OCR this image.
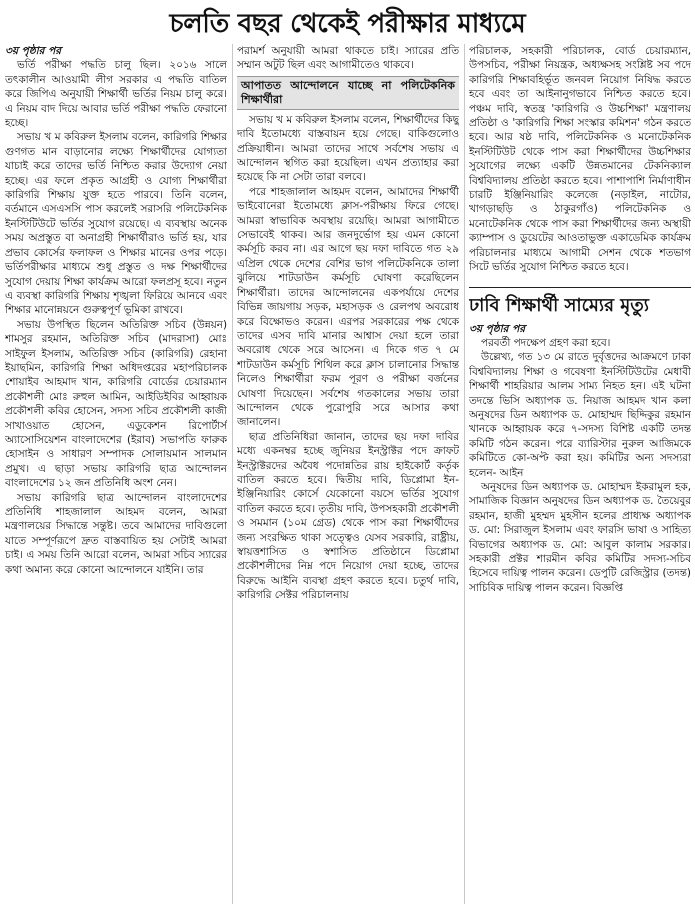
চলতি বছর থেকেই পরীক্ষার মাধ্যমে

৩য় পৃষ্ঠার পর

ভর্তি পরীক্ষা পদ্ধতি চালু ছিল। ২০১৬ সালে তৎকালীন আওয়ামী লীগ সরকার এ পদ্ধতি বাতিল করে জিপিএ অনুযায়ী শিক্ষার্থী ভর্তির নিয়ম চালু করে। এ নিয়ম বাদ দিয়ে আবার ভর্তি পরীক্ষা পদ্ধতি ফেরানো হচ্ছে।

সভায় খ ম কবিরুল ইসলাম বলেন, কারিগরি শিক্ষার গুণগত মান বাড়ানোর লক্ষ্যে শিক্ষার্থীদের যোগ্যতা যাচাই করে তাদের ভর্তি নিশ্চিত করার উদ্যোগ নেয়া হচ্ছে। এর ফলে প্রকৃত আগ্রহী ও যোগ্য শিক্ষার্থীরা কারিগরি শিক্ষায় যুক্ত হতে পারবে। তিনি বলেন, বর্তমানে এসএসসি পাস করলেই সরাসরি পলিটেকনিক ইনস্টিটিউটে ভর্তির সুযোগ রয়েছে। এ ব্যবস্থায় অনেক সময় অপ্রস্তুত বা অনাগ্রহী শিক্ষার্থীরাও ভর্তি হয়, যার প্রভাব কোর্সের ফলাফল ও শিক্ষার মানের ওপর পড়ে। ভর্তিপরীক্ষার মাধ্যমে শুধু প্রস্তুত ও দক্ষ শিক্ষার্থীদের সুযোগ দেয়ায় শিক্ষা কার্যক্রম আরো ফলপ্রসূ হবে। নতুন এ ব্যবস্থা কারিগরি শিক্ষায় শৃঙ্খলা ফিরিয়ে আনবে এবং শিক্ষার মানোন্নয়নে গুরুত্বপূর্ণ ভূমিকা রাখবে।

সভায় উপস্থিত ছিলেন অতিরিক্ত সচিব (উন্নয়ন) শামসুর রহমান, অতিরিক্ত সচিব (মাদরাসা) মোঃ সাইফুল ইসলাম, অতিরিক্ত সচিব (কারিগরি) রেহানা ইয়াছমিন, কারিগরি শিক্ষা অধিদপ্তরের মহাপরিচালক শোয়াইব আহমাদ খান, কারিগরি বোর্ডের চেয়ারম্যান প্রকৌশলী মোঃ রুহুল আমিন, আইডিইবির আহ্বায়ক প্রকৌশলী কবির হোসেন, সদস্য সচিব প্রকৌশলী কাজী সাখাওয়াত হোসেন, এডুকেশন রিপোর্টার্স অ্যাসোসিয়েশন বাংলাদেশের (ইরাব) সভাপতি ফারুক হোসাইন ও সাধারণ সম্পাদক সোলায়মান সালমান প্রমুখ। এ ছাড়া সভায় কারিগরি ছাত্র আন্দোলন বাংলাদেশের ১২ জন প্রতিনিধি অংশ নেন।

সভায় কারিগরি ছাত্র আন্দোলন বাংলাদেশের প্রতিনিধি শাহজালাল আহমদ বলেন, আমরা মন্ত্রণালয়ের সিদ্ধান্তে সন্তুষ্ট। তবে আমাদের দাবিগুলো যাতে সম্পূর্ণরূপে দ্রুত বাস্তবায়িত হয় সেটাই আমরা চাই। এ সময় তিনি আরো বলেন, আমরা সচিব স্যারের কথা অমান্য করে কোনো আন্দোলনে যাইনি। তার

পরামর্শ অনুযায়ী আমরা থাকতে চাই। স্যারের প্রতি সম্মান অটুট ছিল এবং আগামীতেও থাকবে।

আপাতত আন্দোলনে যাচ্ছে না পলিটেকনিক শিক্ষার্থীরা

সভায় খ ম কবিরুল ইসলাম বলেন, শিক্ষার্থীদের কিছু দাবি ইতোমধ্যে বাস্তবায়ন হয়ে গেছে। বাকিগুলোও প্রক্রিয়াধীন। আমরা তাদের সাথে সর্বশেষ সভায় এ আন্দোলন স্থগিত করা হয়েছিল। এখন প্রত্যাহার করা হয়েছে কি না সেটা তারা বলবে।

পরে শাহজালাল আহমদ বলেন, আমাদের শিক্ষার্থী ভাইবোনেরা ইতোমধ্যে ক্লাস-পরীক্ষায় ফিরে গেছে। আমরা স্বাভাবিক অবস্থায় রয়েছি। আমরা আগামীতে সেভাবেই থাকব। আর জনদুর্ভোগ হয় এমন কোনো কর্মসূচি করব না। এর আগে ছয় দফা দাবিতে গত ২৯ এপ্রিল থেকে দেশের বেশির ভাগ পলিটেকনিকে তালা ঝুলিয়ে শাটডাউন কর্মসূচি ঘোষণা করেছিলেন শিক্ষার্থীরা। তাদের আন্দোলনের একপর্যায়ে দেশের বিভিন্ন জায়গায় সড়ক, মহাসড়ক ও রেলপথ অবরোধ করে বিক্ষোভও করেন। এরপর সরকারের পক্ষ থেকে তাদের এসব দাবি মানার আশ্বাস দেয়া হলে তারা অবরোধ থেকে সরে আসেন। এ দিকে গত ৭ মে শাটডাউন কর্মসূচি শিথিল করে ক্লাস চালানোর সিদ্ধান্ত নিলেও শিক্ষার্থীরা ফরম পূরণ ও পরীক্ষা বর্জনের ঘোষণা দিয়েছেন। সর্বশেষ গতকালের সভায় তারা আন্দোলন থেকে পুরোপুরি সরে আসার কথা জানালেন।

ছাত্র প্রতিনিধিরা জানান, তাদের ছয় দফা দাবির মধ্যে একনম্বর হচ্ছে জুনিয়র ইনস্ট্রাক্টর পদে ক্রাফট ইনস্ট্রাক্টরদের অবৈধ পদোন্নতির রায় হাইকোর্ট কর্তৃক বাতিল করতে হবে। দ্বিতীয় দাবি, ডিপ্লোমা ইন-ইঞ্জিনিয়ারিং কোর্সে যেকোনো বয়সে ভর্তির সুযোগ বাতিল করতে হবে। তৃতীয় দাবি, উপসহকারী প্রকৌশলী ও সমমান (১০ম গ্রেড) থেকে পাস করা শিক্ষার্থীদের জন্য সংরক্ষিত থাকা সত্ত্বেও যেসব সরকারি, রাষ্ট্রীয়, স্বায়ত্তশাসিত ও স্বশাসিত প্রতিষ্ঠানে ডিপ্লোমা প্রকৌশলীদের নিম্ন পদে নিয়োগ দেয়া হচ্ছে, তাদের বিরুদ্ধে আইনি ব্যবস্থা গ্রহণ করতে হবে। চতুর্থ দাবি, কারিগরি সেক্টর পরিচালনায়

পরিচালক, সহকারী পরিচালক, বোর্ড চেয়ারম্যান, উপসচিব, পরীক্ষা নিয়ন্ত্রক, অধ্যক্ষসহ সংশ্লিষ্ট সব পদে কারিগরি শিক্ষাবহির্ভূত জনবল নিয়োগ নিষিদ্ধ করতে হবে এবং তা আইনানুগভাবে নিশ্চিত করতে হবে। পঞ্চম দাবি, স্বতন্ত্র 'কারিগরি ও উচ্চশিক্ষা' মন্ত্রণালয় প্রতিষ্ঠা ও 'কারিগরি শিক্ষা সংস্কার কমিশন' গঠন করতে হবে। আর ষষ্ঠ দাবি, পলিটেকনিক ও মনোটেকনিক ইনস্টিটিউট থেকে পাস করা শিক্ষার্থীদের উচ্চশিক্ষার সুযোগের লক্ষ্যে একটি উন্নতমানের টেকনিক্যাল বিশ্ববিদ্যালয় প্রতিষ্ঠা করতে হবে। পাশাপাশি নির্মাণাধীন চারটি ইঞ্জিনিয়ারিং কলেজে (নড়াইল, নাটোর, খাগড়াছড়ি ও ঠাকুরগাঁও) পলিটেকনিক ও মনোটেকনিক থেকে পাস করা শিক্ষার্থীদের জন্য অস্থায়ী ক্যাম্পাস ও ডুয়েটের আওতাভুক্ত একাডেমিক কার্যক্রম পরিচালনার মাধ্যমে আগামী সেশন থেকে শতভাগ সিটে ভর্তির সুযোগ নিশ্চিত করতে হবে।

ঢাবি শিক্ষার্থী সাম্যের মৃত্যু

৩য় পৃষ্ঠার পর

পরবর্তী পদক্ষেপ গ্রহণ করা হবে।

উল্লেখ্য, গত ১৩ মে রাতে দুর্বৃত্তদের আক্রমণে ঢাকা বিশ্ববিদ্যালয় শিক্ষা ও গবেষণা ইনস্টিটিউটের মেধাবী শিক্ষার্থী শাহরিয়ার আলম সাম্য নিহত হন। এই ঘটনা তদন্তে ভিসি অধ্যাপক ড. নিয়াজ আহমদ খান কলা অনুষদের ডিন অধ্যাপক ড. মোহাম্মদ ছিদ্দিকুর রহমান খানকে আহ্বায়ক করে ৭-সদস্য বিশিষ্ট একটি তদন্ত কমিটি গঠন করেন। পরে ব্যারিস্টার নুরুল আজিমকে কমিটিতে কো-অপ্ট করা হয়। কমিটির অন্য সদস্যরা হলেন- আইন

অনুষদের ডিন অধ্যাপক ড. মোহাম্মদ ইকরামুল হক, সামাজিক বিজ্ঞান অনুষদের ডিন অধ্যাপক ড. তৈয়েবুর রহমান, হাজী মুহম্মদ মুহসীন হলের প্রাধ্যক্ষ অধ্যাপক ড. মো: সিরাজুল ইসলাম এবং ফারসি ভাষা ও সাহিত্য বিভাগের অধ্যাপক ড. মো: আবুল কালাম সরকার। সহকারী প্রক্টর শারমীন কবির কমিটির সদস্য-সচিব হিসেবে দায়িত্ব পালন করেন। ডেপুটি রেজিস্ট্রার (তদন্ত) সাচিবিক দায়িত্ব পালন করেন। বিজ্ঞপ্তি
